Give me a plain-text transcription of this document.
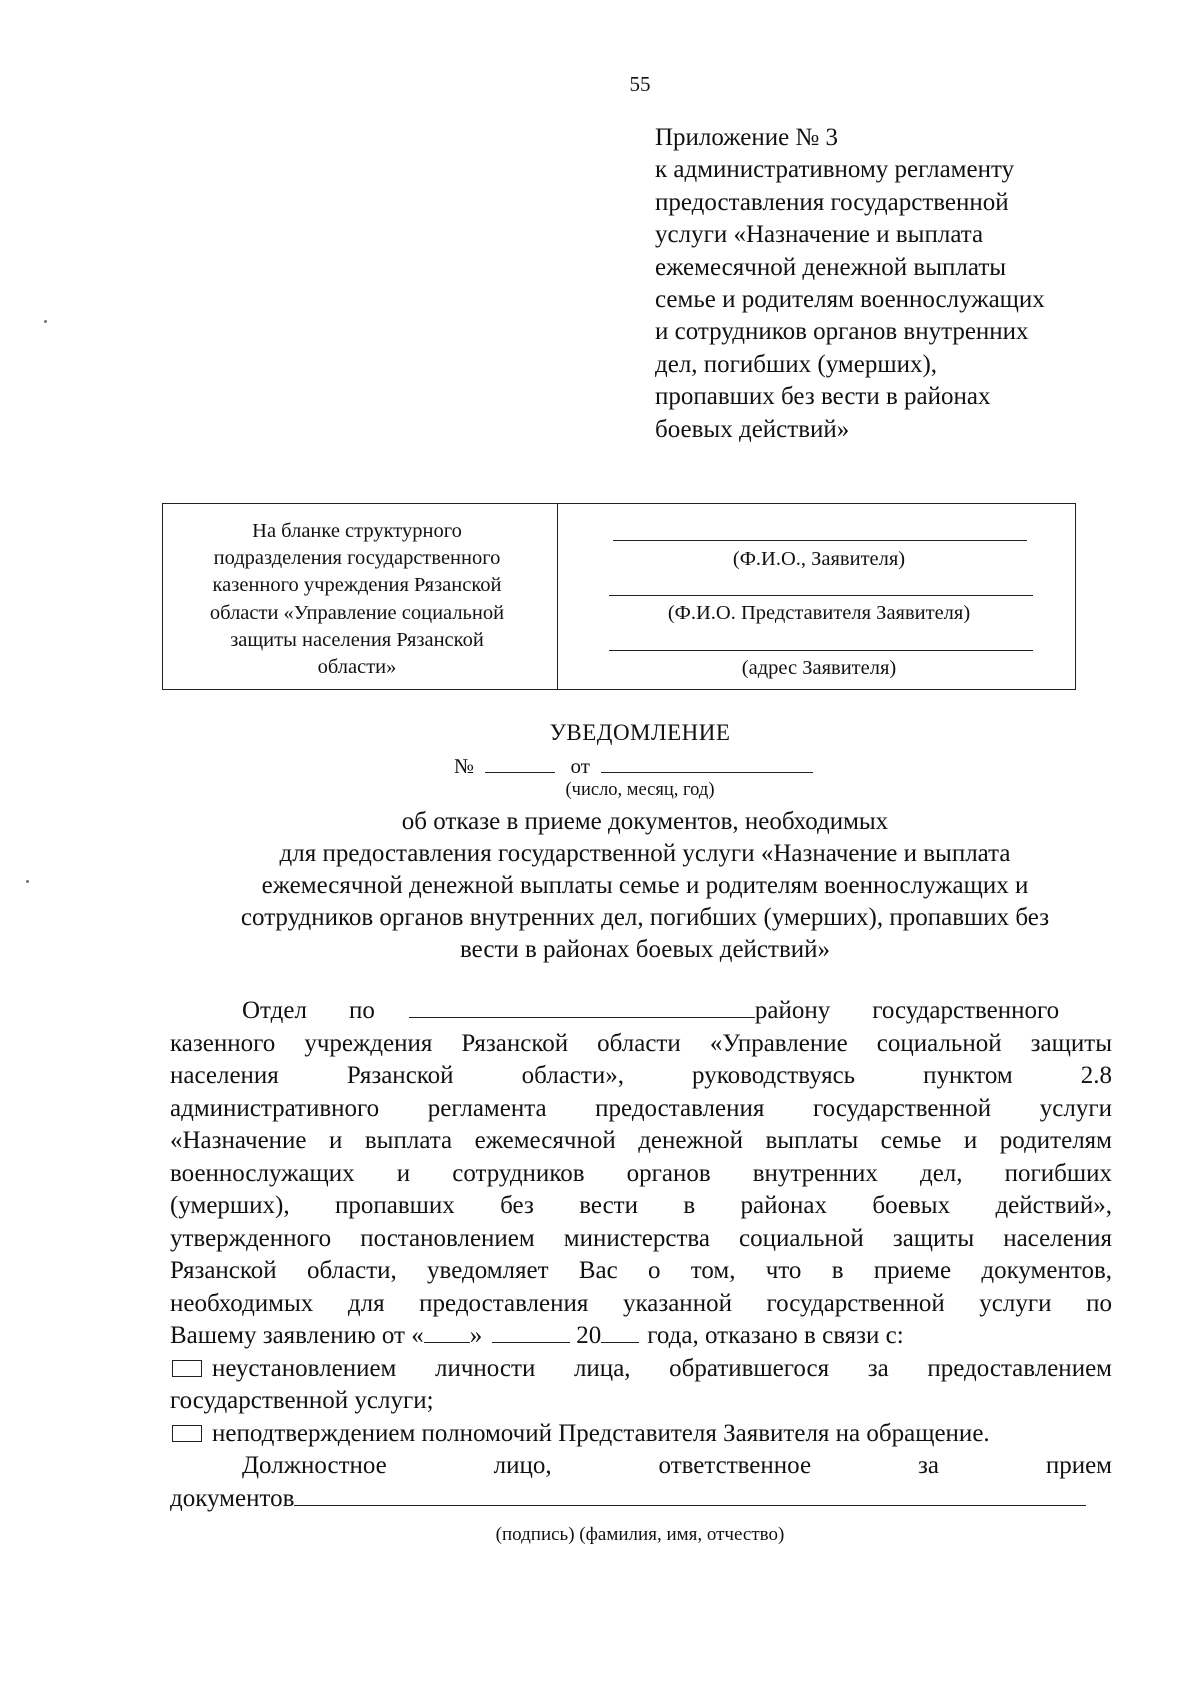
55
Приложение № 3
к административному регламенту
предоставления государственной
услуги «Назначение и выплата
ежемесячной денежной выплаты
семье и родителям военнослужащих
и сотрудников органов внутренних
дел, погибших (умерших),
пропавших без вести в районах
боевых действий»
На бланке структурного
подразделения государственного
казенного учреждения Рязанской
области «Управление социальной
защиты населения Рязанской
области»
(Ф.И.О., Заявителя)
(Ф.И.О. Представителя Заявителя)
(адрес Заявителя)
УВЕДОМЛЕНИЕ
№	от
(число, месяц, год)
об отказе в приеме документов, необходимых
для предоставления государственной услуги «Назначение и выплата
ежемесячной денежной выплаты семье и родителям военнослужащих и
сотрудников органов внутренних дел, погибших (умерших), пропавших без
вести в районах боевых действий»
Отдел по	району государственного
казенного учреждения Рязанской области «Управление социальной защиты
населения Рязанской области», руководствуясь пунктом 2.8
административного регламента предоставления государственной услуги
«Назначение и выплата ежемесячной денежной выплаты семье и родителям
военнослужащих и сотрудников органов внутренних дел, погибших
(умерших), пропавших без вести в районах боевых действий»,
утвержденного постановлением министерства социальной защиты населения
Рязанской области, уведомляет Вас о том, что в приеме документов,
необходимых для предоставления указанной государственной услуги по
Вашему заявлению от « »	20 года, отказано в связи с:
неустановлением личности лица, обратившегося за предоставлением
государственной услуги;
неподтверждением полномочий Представителя Заявителя на обращение.
Должностное лицо, ответственное за прием
документов
(подпись) (фамилия, имя, отчество)
